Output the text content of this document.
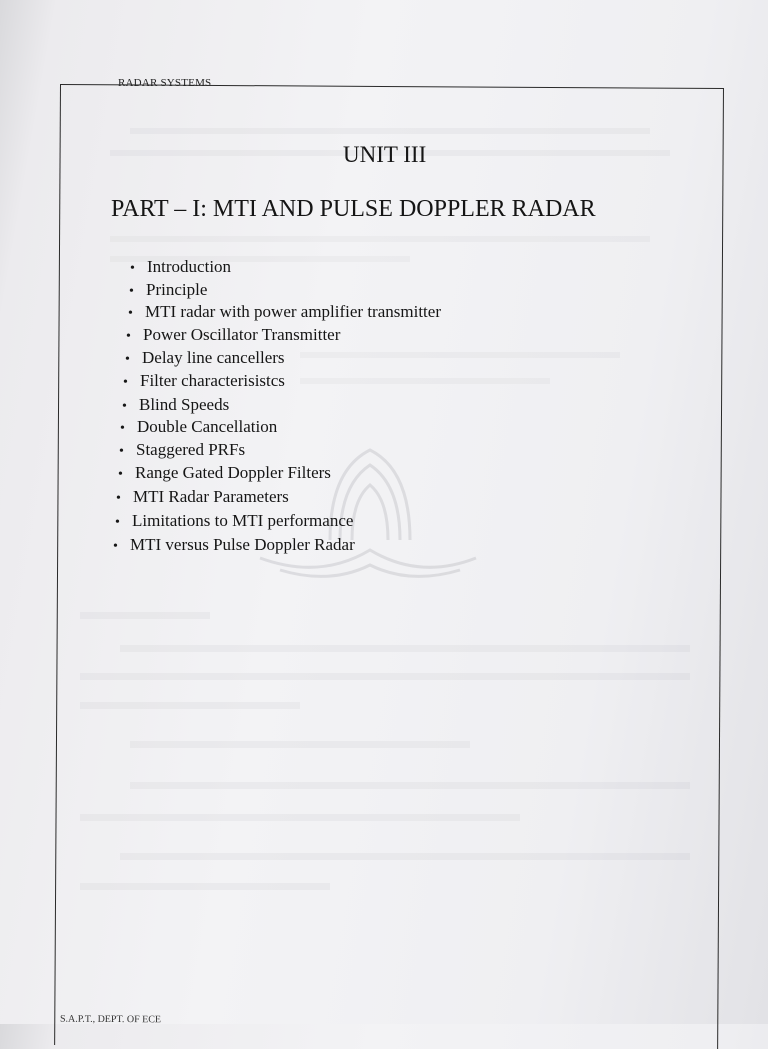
RADAR SYSTEMS
UNIT III
PART – I: MTI AND PULSE DOPPLER RADAR
• Introduction
• Principle
• MTI radar with power amplifier transmitter
• Power Oscillator Transmitter
• Delay line cancellers
• Filter characterisistcs
• Blind Speeds
• Double Cancellation
• Staggered PRFs
• Range Gated Doppler Filters
• MTI Radar Parameters
• Limitations to MTI performance
• MTI versus Pulse Doppler Radar
S.A.P.T., DEPT. OF ECE
